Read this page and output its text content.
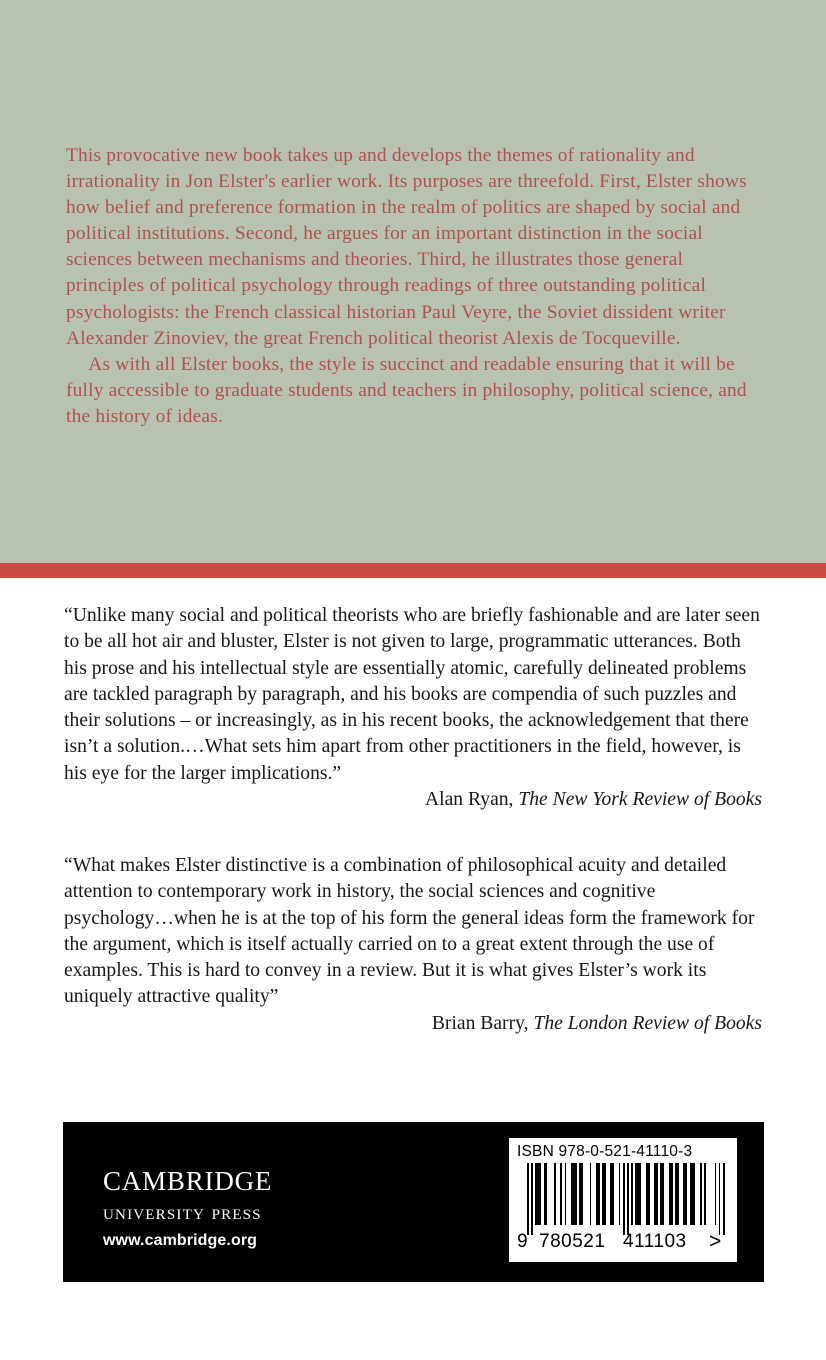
This provocative new book takes up and develops the themes of rationality and irrationality in Jon Elster's earlier work. Its purposes are threefold. First, Elster shows how belief and preference formation in the realm of politics are shaped by social and political institutions. Second, he argues for an important distinction in the social sciences between mechanisms and theories. Third, he illustrates those general principles of political psychology through readings of three outstanding political psychologists: the French classical historian Paul Veyre, the Soviet dissident writer Alexander Zinoviev, the great French political theorist Alexis de Tocqueville.

As with all Elster books, the style is succinct and readable ensuring that it will be fully accessible to graduate students and teachers in philosophy, political science, and the history of ideas.

“Unlike many social and political theorists who are briefly fashionable and are later seen to be all hot air and bluster, Elster is not given to large, programmatic utterances. Both his prose and his intellectual style are essentially atomic, carefully delineated problems are tackled paragraph by paragraph, and his books are compendia of such puzzles and their solutions – or increasingly, as in his recent books, the acknowledgement that there isn’t a solution.…What sets him apart from other practitioners in the field, however, is his eye for the larger implications.”

Alan Ryan, The New York Review of Books

“What makes Elster distinctive is a combination of philosophical acuity and detailed attention to contemporary work in history, the social sciences and cognitive psychology…when he is at the top of his form the general ideas form the framework for the argument, which is itself actually carried on to a great extent through the use of examples. This is hard to convey in a review. But it is what gives Elster’s work its uniquely attractive quality”

Brian Barry, The London Review of Books

cambridge
university press
www.cambridge.org
ISBN 978-0-521-41110-3
9 780521 411103 >
